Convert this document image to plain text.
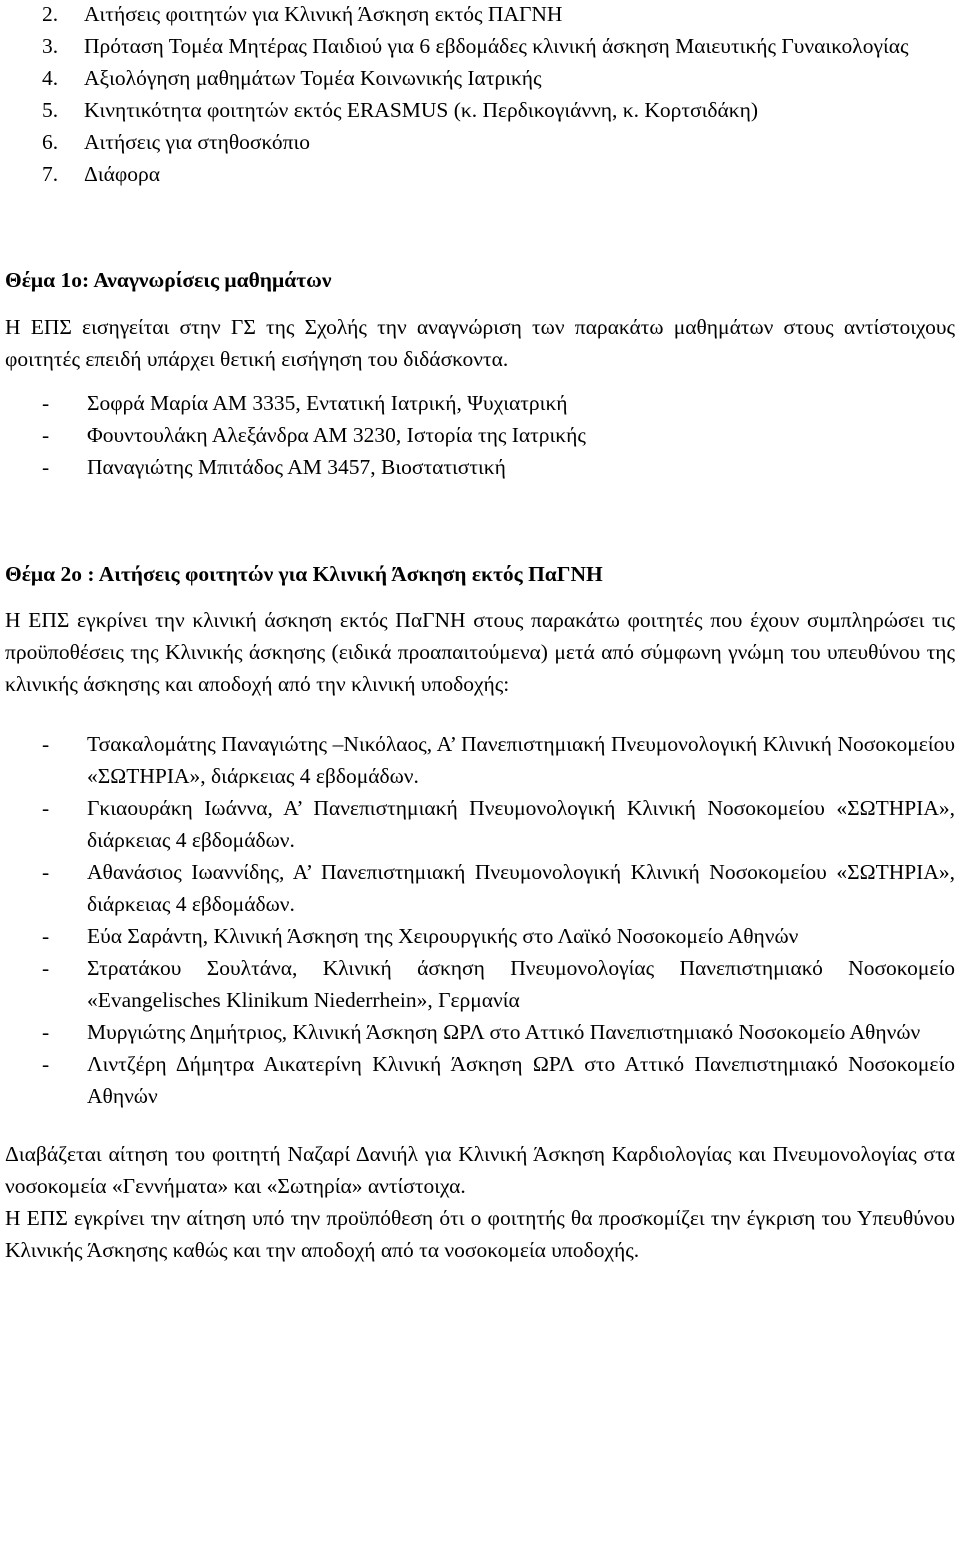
2. Αιτήσεις φοιτητών για Κλινική Άσκηση εκτός ΠΑΓΝΗ
3. Πρόταση Τομέα Μητέρας Παιδιού για 6 εβδομάδες κλινική άσκηση Μαιευτικής Γυναικολογίας
4. Αξιολόγηση μαθημάτων Τομέα Κοινωνικής Ιατρικής
5. Κινητικότητα φοιτητών εκτός ERASMUS (κ. Περδικογιάννη, κ. Κορτσιδάκη)
6. Αιτήσεις για στηθοσκόπιο
7. Διάφορα

Θέμα 1ο: Αναγνωρίσεις μαθημάτων

Η ΕΠΣ εισηγείται στην ΓΣ της Σχολής την αναγνώριση των παρακάτω μαθημάτων στους αντίστοιχους φοιτητές επειδή υπάρχει θετική εισήγηση του διδάσκοντα.

- Σοφρά Μαρία ΑΜ 3335, Εντατική Ιατρική, Ψυχιατρική
- Φουντουλάκη Αλεξάνδρα ΑΜ 3230, Ιστορία της Ιατρικής
- Παναγιώτης Μπιτάδος ΑΜ 3457, Βιοστατιστική

Θέμα 2ο : Αιτήσεις φοιτητών για Κλινική Άσκηση εκτός ΠαΓΝΗ

Η ΕΠΣ εγκρίνει την κλινική άσκηση εκτός ΠαΓΝΗ στους παρακάτω φοιτητές που έχουν συμπληρώσει τις προϋποθέσεις της Κλινικής άσκησης (ειδικά προαπαιτούμενα) μετά από σύμφωνη γνώμη του υπευθύνου της κλινικής άσκησης και αποδοχή από την κλινική υποδοχής:

- Τσακαλομάτης Παναγιώτης –Νικόλαος, Α’ Πανεπιστημιακή Πνευμονολογική Κλινική Νοσοκομείου «ΣΩΤΗΡΙΑ», διάρκειας 4 εβδομάδων.
- Γκιαουράκη Ιωάννα, Α’ Πανεπιστημιακή Πνευμονολογική Κλινική Νοσοκομείου «ΣΩΤΗΡΙΑ», διάρκειας 4 εβδομάδων.
- Αθανάσιος Ιωαννίδης, Α’ Πανεπιστημιακή Πνευμονολογική Κλινική Νοσοκομείου «ΣΩΤΗΡΙΑ», διάρκειας 4 εβδομάδων.
- Εύα Σαράντη, Κλινική Άσκηση της Χειρουργικής στο Λαϊκό Νοσοκομείο Αθηνών
- Στρατάκου Σουλτάνα, Κλινική άσκηση Πνευμονολογίας Πανεπιστημιακό Νοσοκομείο «Evangelisches Klinikum Niederrhein», Γερμανία
- Μυργιώτης Δημήτριος, Κλινική Άσκηση ΩΡΛ στο Αττικό Πανεπιστημιακό Νοσοκομείο Αθηνών
- Λιντζέρη Δήμητρα Αικατερίνη Κλινική Άσκηση ΩΡΛ στο Αττικό Πανεπιστημιακό Νοσοκομείο Αθηνών

Διαβάζεται αίτηση του φοιτητή Ναζαρί Δανιήλ για Κλινική Άσκηση Καρδιολογίας και Πνευμονολογίας στα νοσοκομεία «Γεννήματα» και «Σωτηρία» αντίστοιχα.

Η ΕΠΣ εγκρίνει την αίτηση υπό την προϋπόθεση ότι ο φοιτητής θα προσκομίζει την έγκριση του Υπευθύνου Κλινικής Άσκησης καθώς και την αποδοχή από τα νοσοκομεία υποδοχής.
